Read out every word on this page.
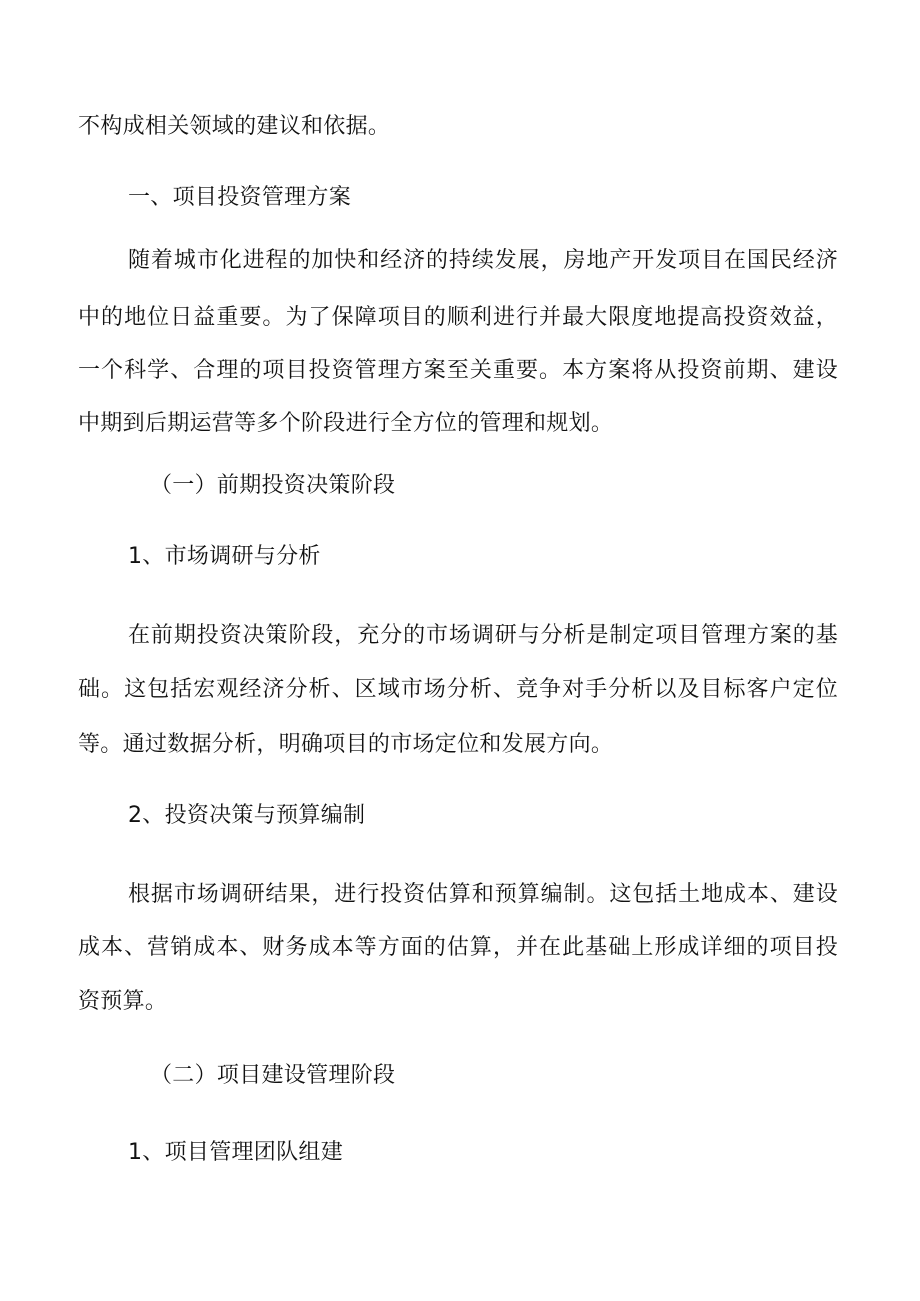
不构成相关领域的建议和依据。
一、项目投资管理方案
随着城市化进程的加快和经济的持续发展，房地产开发项目在国民经济
中的地位日益重要。为了保障项目的顺利进行并最大限度地提高投资效益，
一个科学、合理的项目投资管理方案至关重要。本方案将从投资前期、建设
中期到后期运营等多个阶段进行全方位的管理和规划。
（一）前期投资决策阶段
1、市场调研与分析
在前期投资决策阶段，充分的市场调研与分析是制定项目管理方案的基
础。这包括宏观经济分析、区域市场分析、竞争对手分析以及目标客户定位
等。通过数据分析，明确项目的市场定位和发展方向。
2、投资决策与预算编制
根据市场调研结果，进行投资估算和预算编制。这包括土地成本、建设
成本、营销成本、财务成本等方面的估算，并在此基础上形成详细的项目投
资预算。
（二）项目建设管理阶段
1、项目管理团队组建
